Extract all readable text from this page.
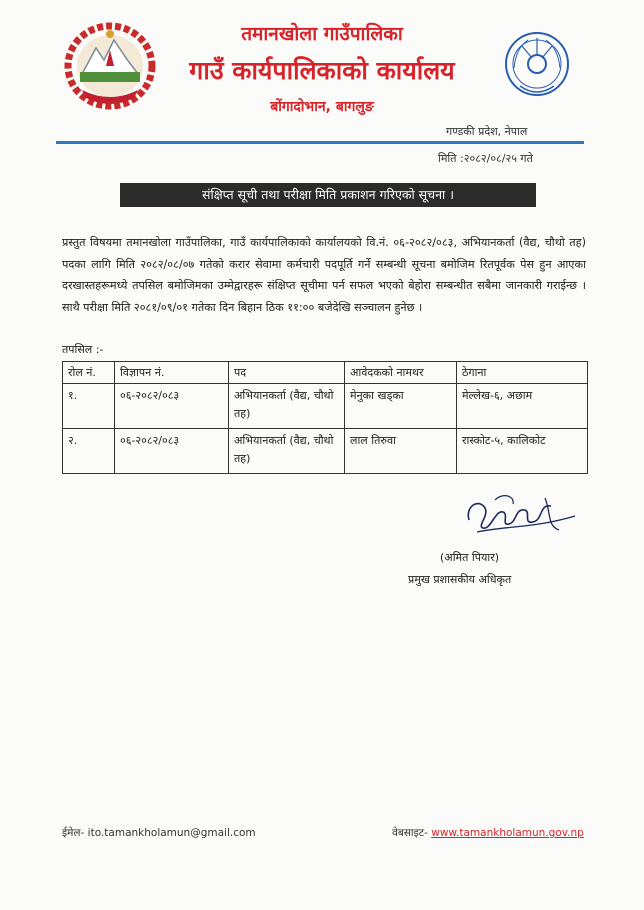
तमानखोला गाउँपालिका
गाउँ कार्यपालिकाको कार्यालय
बोंगादोभान, बागलुङ
गण्डकी प्रदेश, नेपाल
मिति :२०८२/०८/२५ गते
संक्षिप्त सूची तथा परीक्षा मिति प्रकाशन गरिएको सूचना ।
प्रस्तुत विषयमा तमानखोला गाउँपालिका, गाउँ कार्यपालिकाको कार्यालयको वि.नं. ०६-२०८२/०८३, अभियानकर्ता (वैद्य, चौथो तह) पदका लागि मिति २०८२/०८/०७ गतेको करार सेवामा कर्मचारी पदपूर्ति गर्ने सम्बन्धी सूचना बमोजिम रितपूर्वक पेस हुन आएका दरखास्तहरूमध्ये तपसिल बमोजिमका उम्मेद्वारहरू संक्षिप्त सूचीमा पर्न सफल भएको बेहोरा सम्बन्धीत सबैमा जानकारी गराईन्छ । साथै परीक्षा मिति २०८१/०९/०१ गतेका दिन बिहान ठिक ११:०० बजेदेखि सञ्चालन हुनेछ ।
तपसिल :-
रोल नं.	विज्ञापन नं.	पद	आवेदकको नामथर	ठेगाना
१.	०६-२०८२/०८३	अभियानकर्ता (वैद्य, चौथो तह)	मेनुका खड्का	मेल्लेख-६, अछाम
२.	०६-२०८२/०८३	अभियानकर्ता (वैद्य, चौथो तह)	लाल तिरुवा	रास्कोट-५, कालिकोट
(अमित पियार)
प्रमुख प्रशासकीय अधिकृत
ईमेल- ito.tamankholamun@gmail.com	वेबसाइट- www.tamankholamun.gov.np
